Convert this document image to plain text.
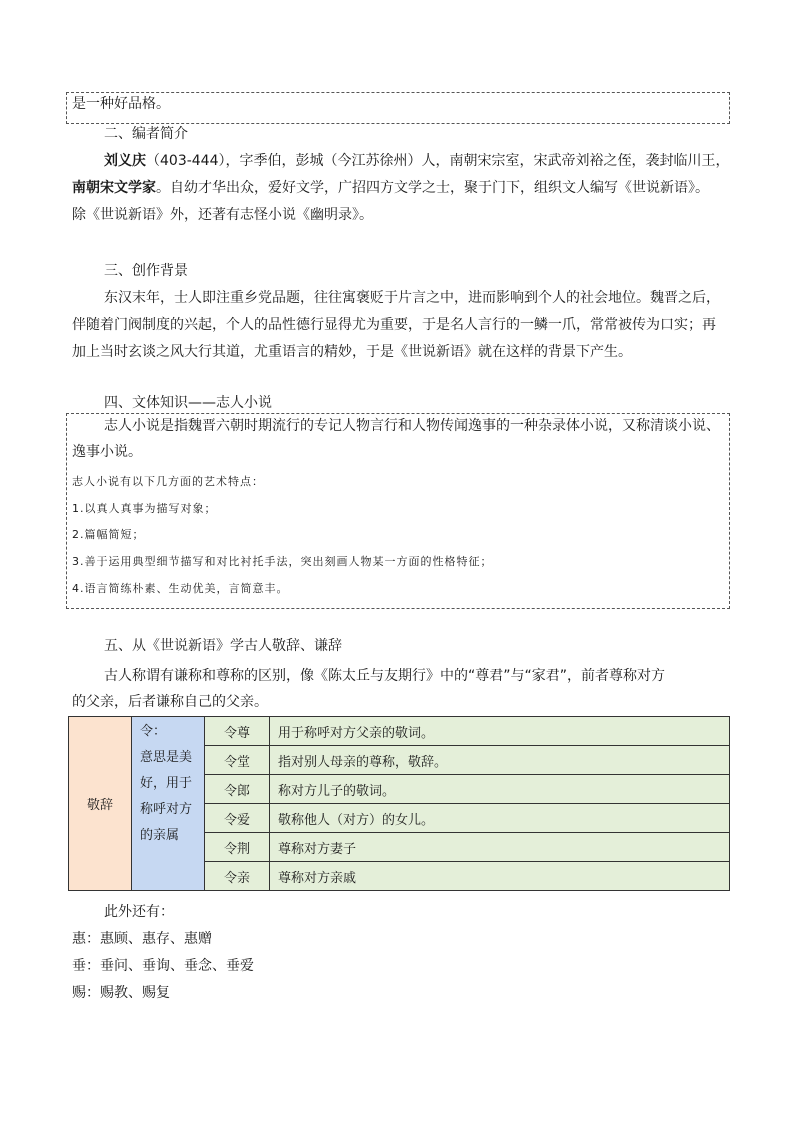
是一种好品格。
二、编者简介
刘义庆（403-444），字季伯，彭城（今江苏徐州）人，南朝宋宗室，宋武帝刘裕之侄，袭封临川王，
南朝宋文学家。自幼才华出众，爱好文学，广招四方文学之士，聚于门下，组织文人编写《世说新语》。
除《世说新语》外，还著有志怪小说《幽明录》。
三、创作背景
东汉末年，士人即注重乡党品题，往往寓褒贬于片言之中，进而影响到个人的社会地位。魏晋之后，
伴随着门阀制度的兴起，个人的品性德行显得尤为重要，于是名人言行的一鳞一爪，常常被传为口实；再
加上当时玄谈之风大行其道，尤重语言的精妙，于是《世说新语》就在这样的背景下产生。
四、文体知识——志人小说
志人小说是指魏晋六朝时期流行的专记人物言行和人物传闻逸事的一种杂录体小说，又称清谈小说、
逸事小说。
志人小说有以下几方面的艺术特点：
1.以真人真事为描写对象；
2.篇幅简短；
3.善于运用典型细节描写和对比衬托手法，突出刻画人物某一方面的性格特征；
4.语言简练朴素、生动优美，言简意丰。
五、从《世说新语》学古人敬辞、谦辞
古人称谓有谦称和尊称的区别，像《陈太丘与友期行》中的“尊君”与“家君”，前者尊称对方
的父亲，后者谦称自己的父亲。
敬辞	令：
意思是美
好，用于
称呼对方
的亲属	令尊	用于称呼对方父亲的敬词。
		令堂	指对别人母亲的尊称，敬辞。
		令郎	称对方儿子的敬词。
		令爱	敬称他人（对方）的女儿。
		令荆	尊称对方妻子
		令亲	尊称对方亲戚
此外还有：
惠：惠顾、惠存、惠赠
垂：垂问、垂询、垂念、垂爱
赐：赐教、赐复
